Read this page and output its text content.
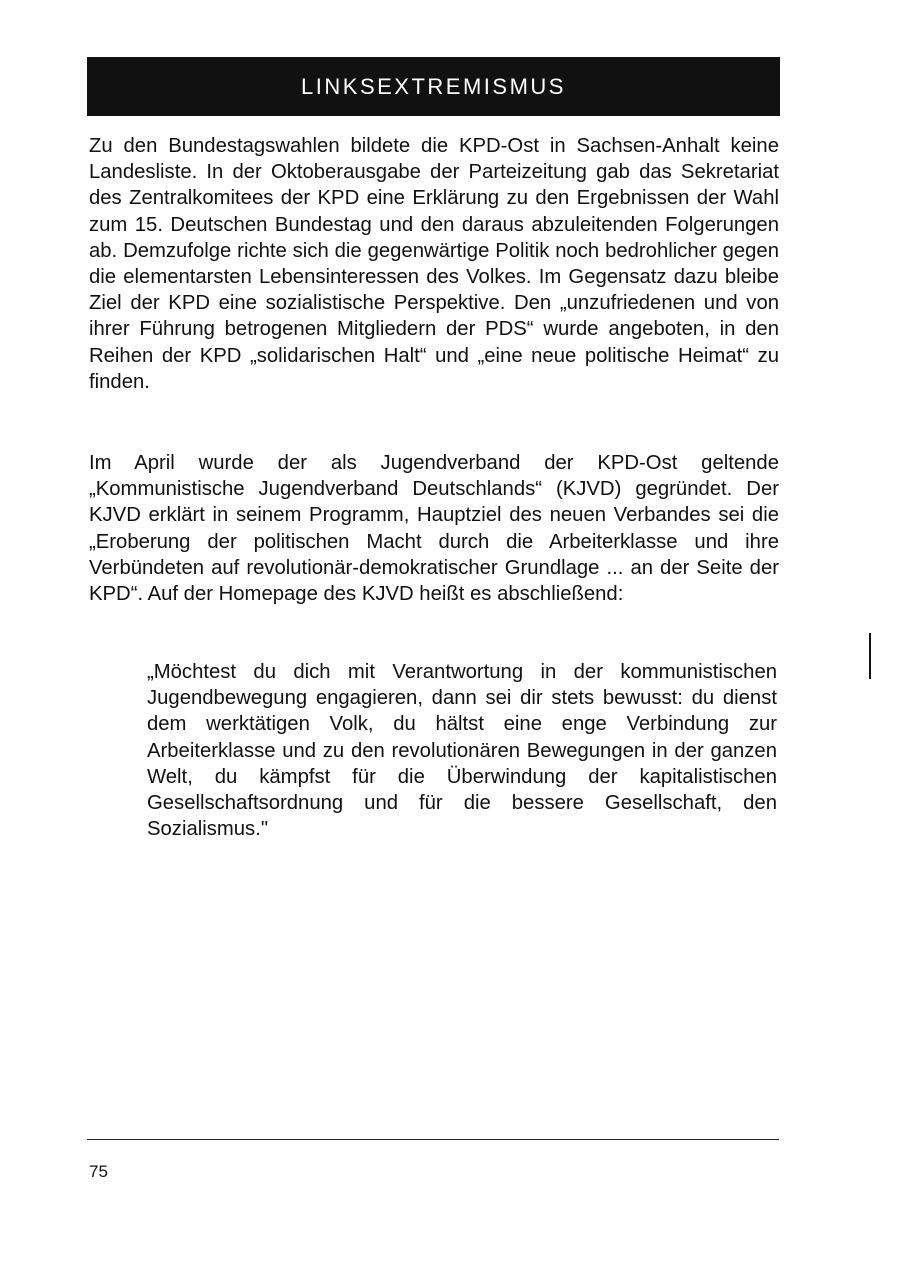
LINKSEXTREMISMUS

Zu den Bundestagswahlen bildete die KPD-Ost in Sachsen-Anhalt keine Landesliste. In der Oktoberausgabe der Parteizeitung gab das Sekretariat des Zentralkomitees der KPD eine Erklärung zu den Ergebnissen der Wahl zum 15. Deutschen Bundestag und den daraus abzuleitenden Folgerungen ab. Demzufolge richte sich die gegenwärtige Politik noch bedrohlicher gegen die elementarsten Lebensinteressen des Volkes. Im Gegensatz dazu bleibe Ziel der KPD eine sozialistische Perspektive. Den „unzufriedenen und von ihrer Führung betrogenen Mitgliedern der PDS“ wurde angeboten, in den Reihen der KPD „solidarischen Halt“ und „eine neue politische Heimat“ zu finden.

Im April wurde der als Jugendverband der KPD-Ost geltende „Kommunistische Jugendverband Deutschlands“ (KJVD) gegründet. Der KJVD erklärt in seinem Programm, Hauptziel des neuen Verbandes sei die „Eroberung der politischen Macht durch die Arbeiterklasse und ihre Verbündeten auf revolutionär-demokratischer Grundlage ... an der Seite der KPD“. Auf der Homepage des KJVD heißt es abschließend:

„Möchtest du dich mit Verantwortung in der kommunistischen Jugendbewegung engagieren, dann sei dir stets bewusst: du dienst dem werktätigen Volk, du hältst eine enge Verbindung zur Arbeiterklasse und zu den revolutionären Bewegungen in der ganzen Welt, du kämpfst für die Überwindung der kapitalistischen Gesellschaftsordnung und für die bessere Gesellschaft, den Sozialismus."

75
